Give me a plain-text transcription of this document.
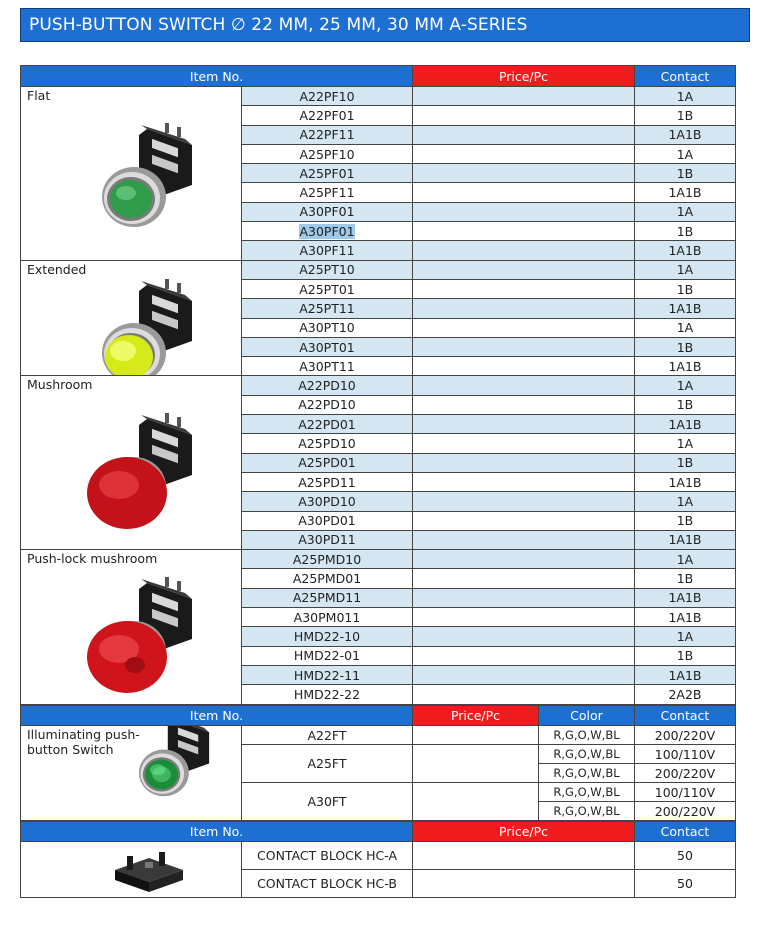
PUSH-BUTTON SWITCH ∅ 22 MM, 25 MM, 30 MM A-SERIES
Item No.		Price/Pc	Contact

Flat	A22PF10		1A
	A22PF01		1B
	A22PF11		1A1B
	A25PF10		1A
	A25PF01		1B
	A25PF11		1A1B
	A30PF01		1A
	A30PF01		1B
	A30PF11		1A1B

Extended	A25PT10		1A
	A25PT01		1B
	A25PT11		1A1B
	A30PT10		1A
	A30PT01		1B
	A30PT11		1A1B

Mushroom	A22PD10		1A
	A22PD10		1B
	A22PD01		1A1B
	A25PD10		1A
	A25PD01		1B
	A25PD11		1A1B
	A30PD10		1A
	A30PD01		1B
	A30PD11		1A1B

Push-lock mushroom	A25PMD10		1A
	A25PMD01		1B
	A25PMD11		1A1B
	A30PM011		1A1B
	HMD22-10		1A
	HMD22-01		1B
	HMD22-11		1A1B
	HMD22-22		2A2B
Item No.		Price/Pc	Color	Contact

Illuminating push-button Switch	A22FT		R,G,O,W,BL	200/220V
	A25FT		R,G,O,W,BL	100/110V
			R,G,O,W,BL	200/220V
	A30FT		R,G,O,W,BL	100/110V
			R,G,O,W,BL	200/220V
Item No.		Price/Pc	Contact

	CONTACT BLOCK HC-A		50
	CONTACT BLOCK HC-B		50
